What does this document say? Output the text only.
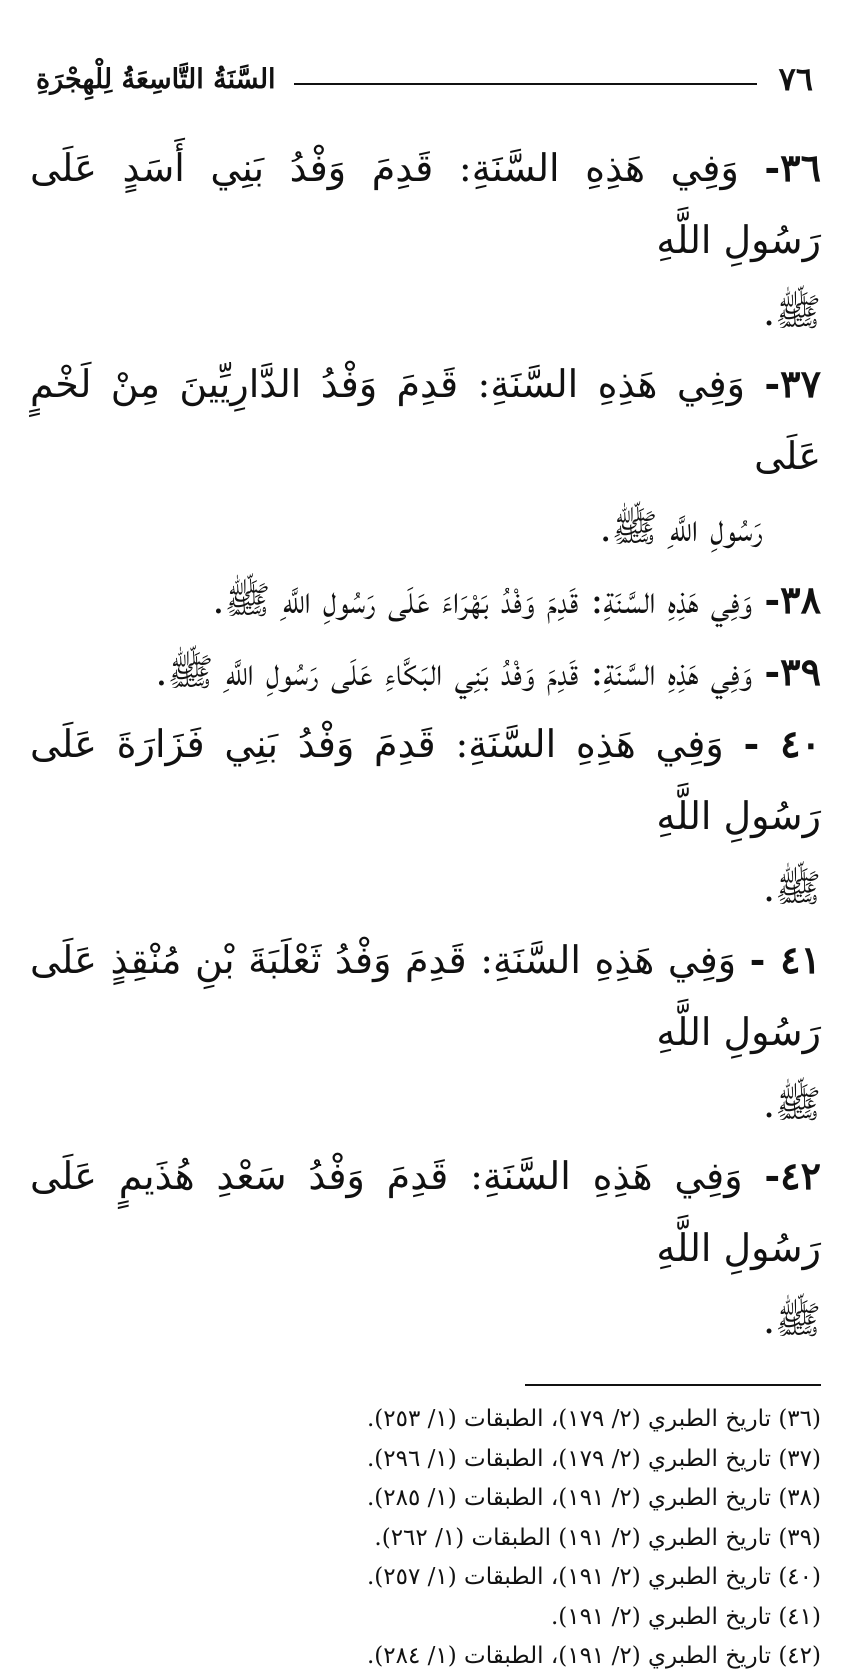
٧٦
السَّنَةُ التَّاسِعَةُ لِلْهِجْرَةِ
٣٦- وَفِي هَذِهِ السَّنَةِ: قَدِمَ وَفْدُ بَنِي أَسَدٍ عَلَى رَسُولِ اللَّهِ
ﷺ.
٣٧- وَفِي هَذِهِ السَّنَةِ: قَدِمَ وَفْدُ الدَّارِيِّينَ مِنْ لَخْمٍ عَلَى
رَسُولِ اللَّهِ ﷺ.
٣٨- وَفِي هَذِهِ السَّنَةِ: قَدِمَ وَفْدُ بَهْرَاءَ عَلَى رَسُولِ اللَّهِ ﷺ.
٣٩- وَفِي هَذِهِ السَّنَةِ: قَدِمَ وَفْدُ بَنِي البَكَّاءِ عَلَى رَسُولِ اللَّهِ ﷺ.
٤٠ - وَفِي هَذِهِ السَّنَةِ: قَدِمَ وَفْدُ بَنِي فَزَارَةَ عَلَى رَسُولِ اللَّهِ
ﷺ.
٤١ - وَفِي هَذِهِ السَّنَةِ: قَدِمَ وَفْدُ ثَعْلَبَةَ بْنِ مُنْقِذٍ عَلَى رَسُولِ اللَّهِ
ﷺ.
٤٢- وَفِي هَذِهِ السَّنَةِ: قَدِمَ وَفْدُ سَعْدِ هُذَيمٍ عَلَى رَسُولِ اللَّهِ
ﷺ.
(٣٦) تاريخ الطبري (٢/ ١٧٩)، الطبقات (١/ ٢٥٣).
(٣٧) تاريخ الطبري (٢/ ١٧٩)، الطبقات (١/ ٢٩٦).
(٣٨) تاريخ الطبري (٢/ ١٩١)، الطبقات (١/ ٢٨٥).
(٣٩) تاريخ الطبري (٢/ ١٩١) الطبقات (١/ ٢٦٢).
(٤٠) تاريخ الطبري (٢/ ١٩١)، الطبقات (١/ ٢٥٧).
(٤١) تاريخ الطبري (٢/ ١٩١).
(٤٢) تاريخ الطبري (٢/ ١٩١)، الطبقات (١/ ٢٨٤).
